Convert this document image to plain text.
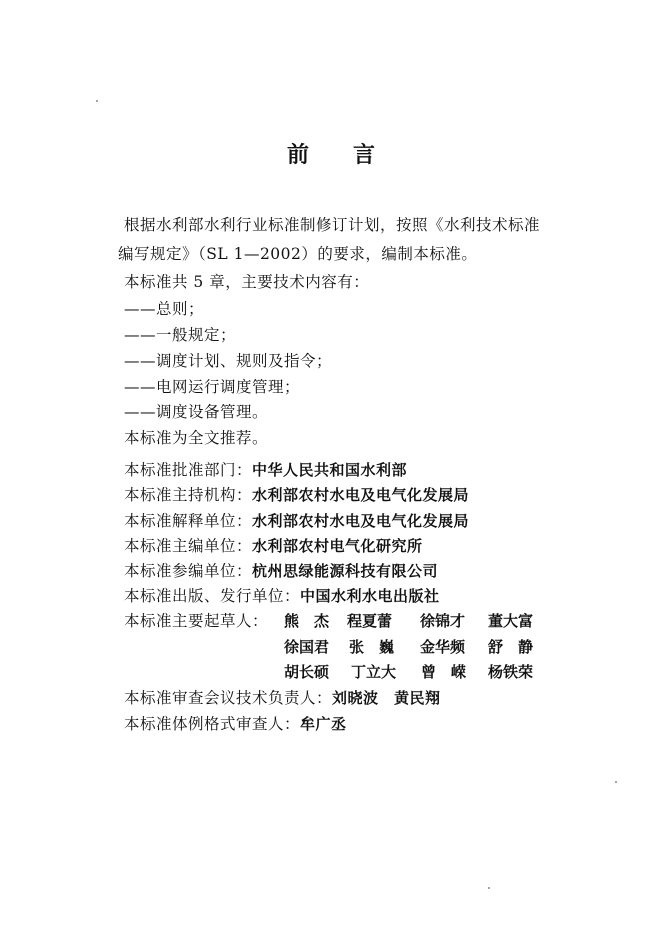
前 言
根据水利部水利行业标准制修订计划，按照《水利技术标准
编写规定》（SL 1—2002）的要求，编制本标准。
本标准共 5 章，主要技术内容有：
——总则；
——一般规定；
——调度计划、规则及指令；
——电网运行调度管理；
——调度设备管理。
本标准为全文推荐。
本标准批准部门：中华人民共和国水利部
本标准主持机构：水利部农村水电及电气化发展局
本标准解释单位：水利部农村水电及电气化发展局
本标准主编单位：水利部农村电气化研究所
本标准参编单位：杭州思绿能源科技有限公司
本标准出版、发行单位：中国水利水电出版社
本标准主要起草人： 熊　杰 程夏蕾 徐锦才 董大富
徐国君 张　巍 金华频 舒　静
胡长硕 丁立大 曾　嵘 杨铁荣
本标准审查会议技术负责人：刘晓波　黄民翔
本标准体例格式审查人：牟广丞
